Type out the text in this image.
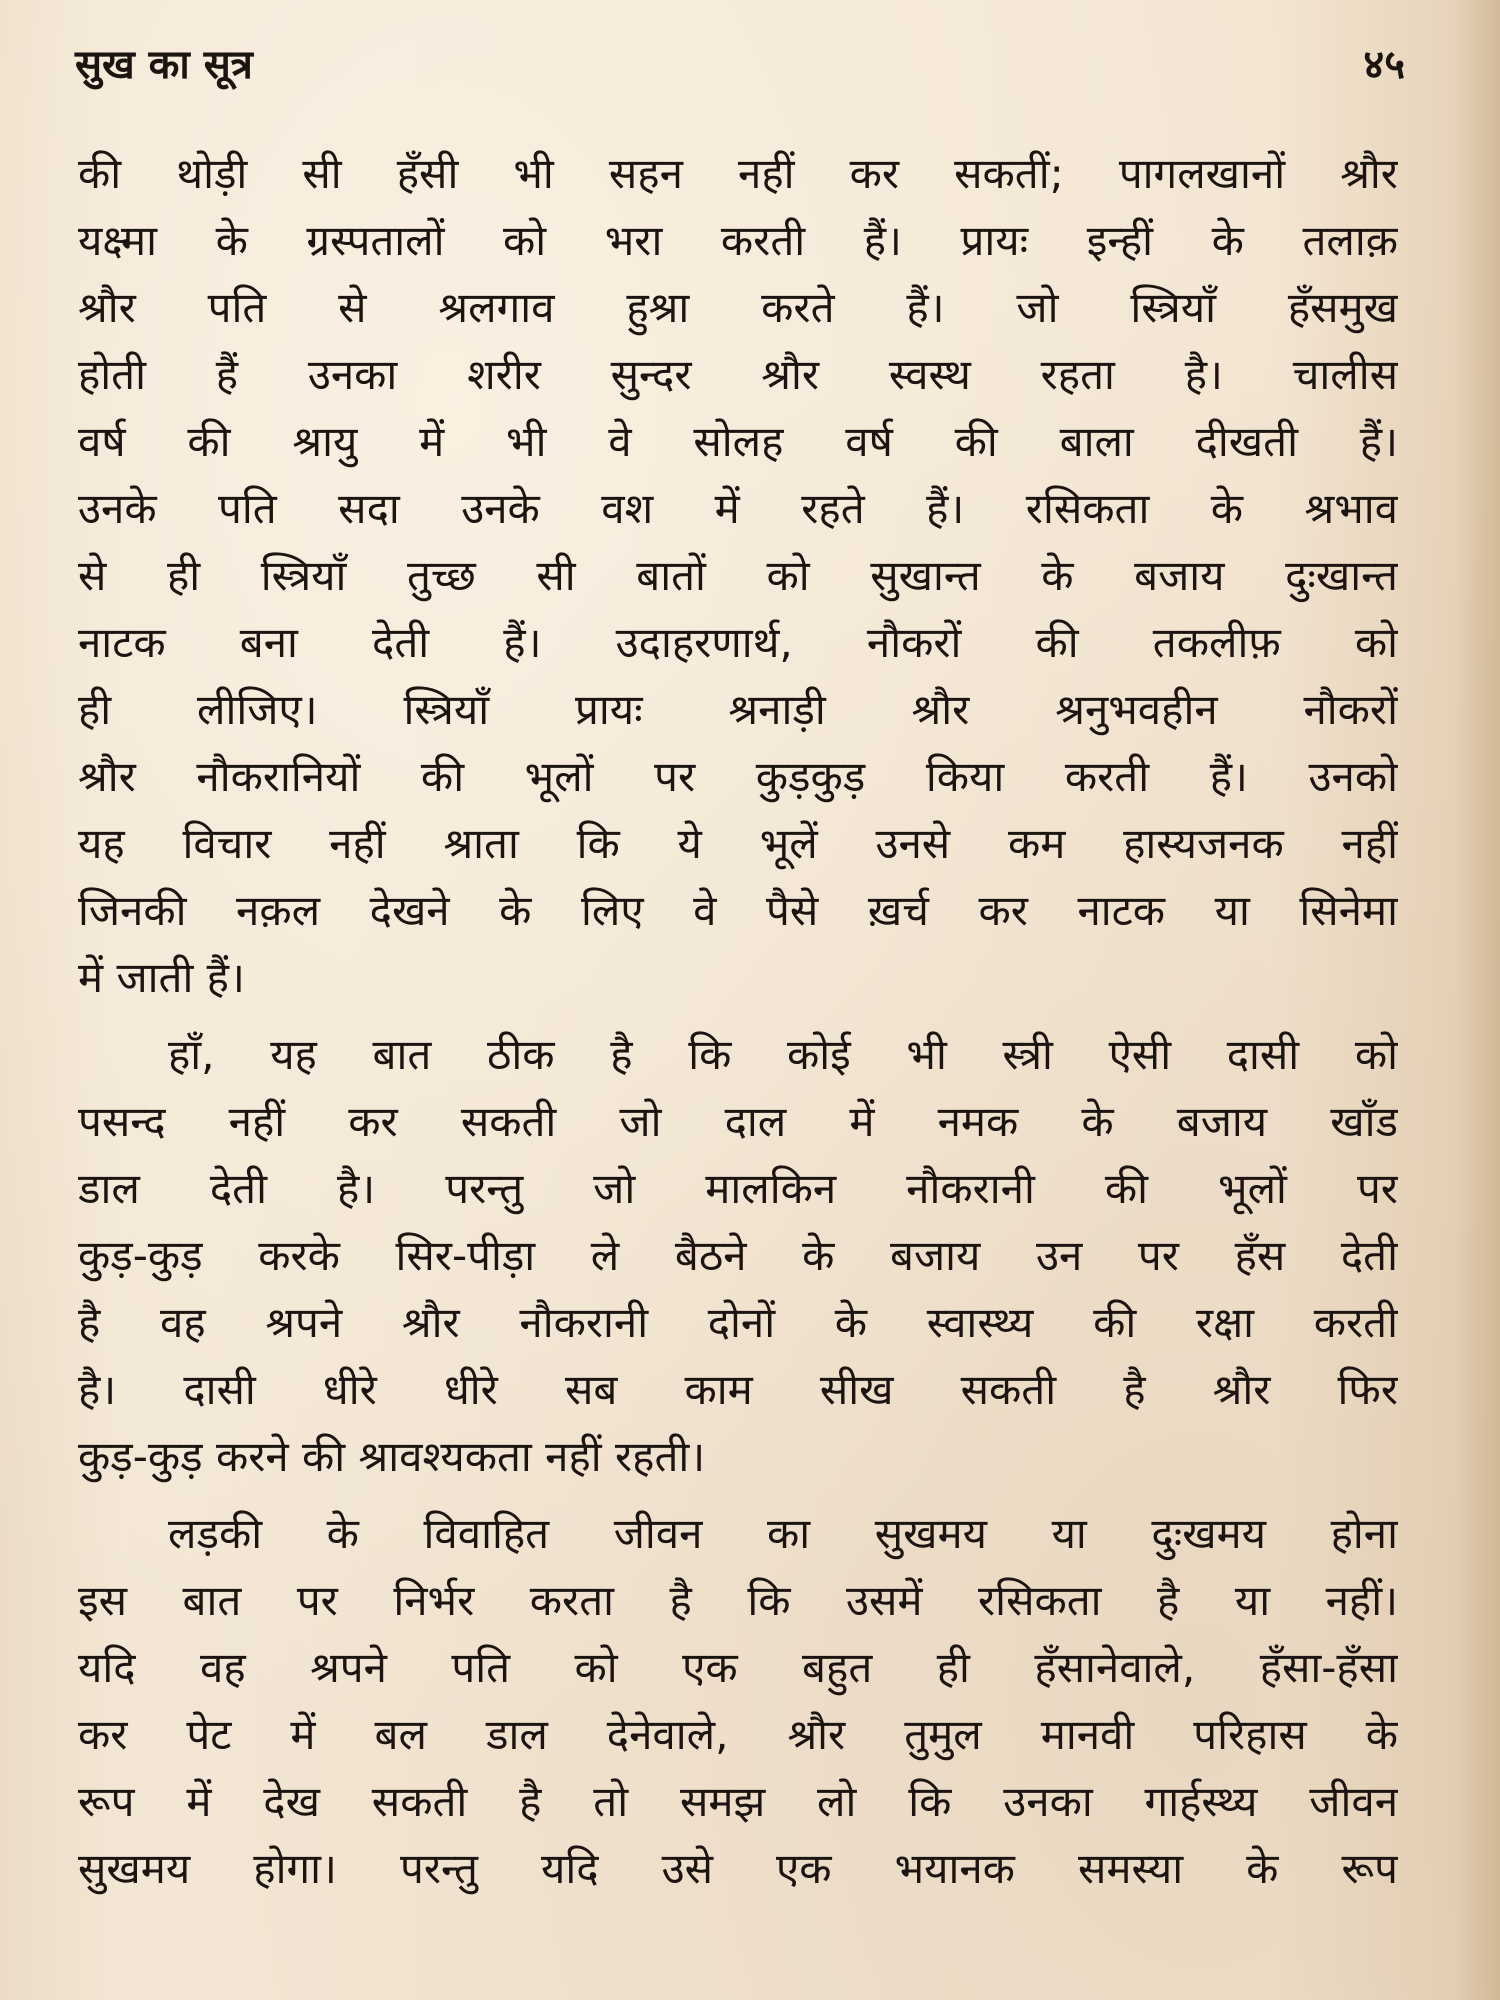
सुख का सूत्र	४५
की थोड़ी सी हँसी भी सहन नहीं कर सकतीं; पागलखानों श्रौर
यक्ष्मा के ग्रस्पतालों को भरा करती हैं। प्रायः इन्हीं के तलाक़
श्रौर पति से श्रलगाव हुश्रा करते हैं। जो स्त्रियाँ हँसमुख
होती हैं उनका शरीर सुन्दर श्रौर स्वस्थ रहता है। चालीस
वर्ष की श्रायु में भी वे सोलह वर्ष की बाला दीखती हैं।
उनके पति सदा उनके वश में रहते हैं। रसिकता के श्रभाव
से ही स्त्रियाँ तुच्छ सी बातों को सुखान्त के बजाय दुःखान्त
नाटक बना देती हैं। उदाहरणार्थ, नौकरों की तकलीफ़ को
ही लीजिए। स्त्रियाँ प्रायः श्रनाड़ी श्रौर श्रनुभवहीन नौकरों
श्रौर नौकरानियों की भूलों पर कुड़कुड़ किया करती हैं। उनको
यह विचार नहीं श्राता कि ये भूलें उनसे कम हास्यजनक नहीं
जिनकी नक़ल देखने के लिए वे पैसे ख़र्च कर नाटक या सिनेमा
में जाती हैं।
हाँ, यह बात ठीक है कि कोई भी स्त्री ऐसी दासी को
पसन्द नहीं कर सकती जो दाल में नमक के बजाय खाँड
डाल देती है। परन्तु जो मालकिन नौकरानी की भूलों पर
कुड़-कुड़ करके सिर-पीड़ा ले बैठने के बजाय उन पर हँस देती
है वह श्रपने श्रौर नौकरानी दोनों के स्वास्थ्य की रक्षा करती
है। दासी धीरे धीरे सब काम सीख सकती है श्रौर फिर
कुड़-कुड़ करने की श्रावश्यकता नहीं रहती।
लड़की के विवाहित जीवन का सुखमय या दुःखमय होना
इस बात पर निर्भर करता है कि उसमें रसिकता है या नहीं।
यदि वह श्रपने पति को एक बहुत ही हँसानेवाले, हँसा-हँसा
कर पेट में बल डाल देनेवाले, श्रौर तुमुल मानवी परिहास के
रूप में देख सकती है तो समझ लो कि उनका गार्हस्थ्य जीवन
सुखमय होगा। परन्तु यदि उसे एक भयानक समस्या के रूप
